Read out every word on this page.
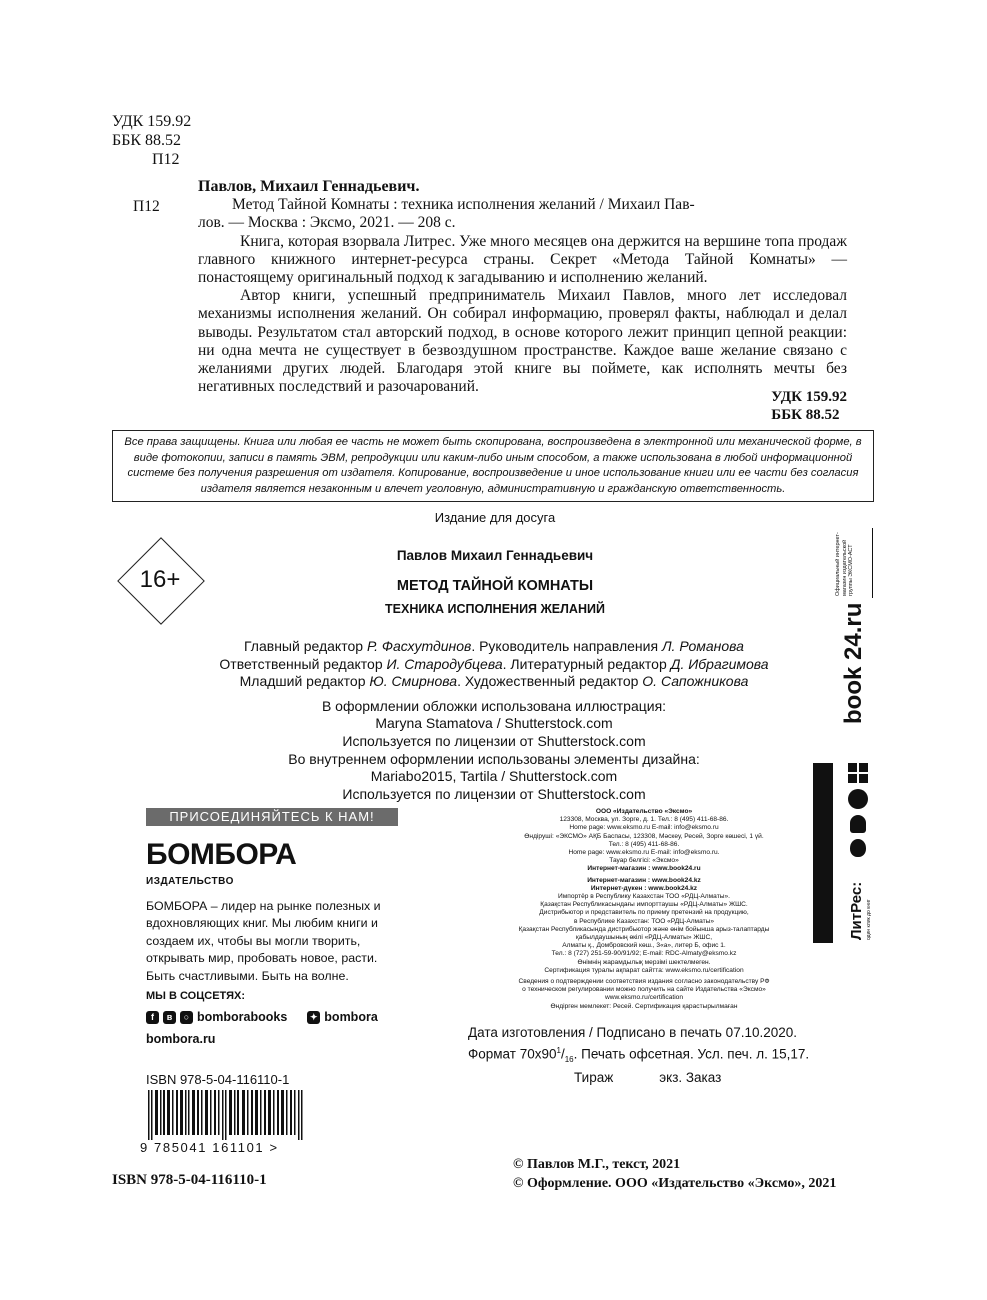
УДК 159.92
ББК 88.52
П12
П12
Павлов, Михаил Геннадьевич.
Метод Тайной Комнаты : техника исполнения желаний / Михаил Пав-
лов. — Москва : Эксмо, 2021. — 208 с.

Книга, которая взорвала Литрес. Уже много месяцев она держится на вершине топа продаж главного книжного интернет-ресурса страны. Секрет «Метода Тайной Комнаты» — понастоящему оригинальный подход к загадыванию и исполнению желаний.

Автор книги, успешный предприниматель Михаил Павлов, много лет исследовал механизмы исполнения желаний. Он собирал информацию, проверял факты, наблюдал и делал выводы. Результатом стал авторский подход, в основе которого лежит принцип цепной реакции: ни одна мечта не существует в безвоздушном пространстве. Каждое ваше желание связано с желаниями других людей. Благодаря этой книге вы поймете, как исполнять мечты без негативных последствий и разочарований.

УДК 159.92
ББК 88.52
Все права защищены. Книга или любая ее часть не может быть скопирована, воспроизведена в электронной или механической форме, в виде фотокопии, записи в память ЭВМ, репродукции или каким-либо иным способом, а также использована в любой информационной системе без получения разрешения от издателя. Копирование, воспроизведение и иное использование книги или ее части без согласия издателя является незаконным и влечет уголовную, административную и гражданскую ответственность.
Издание для досуга
16+
Павлов Михаил Геннадьевич
МЕТОД ТАЙНОЙ КОМНАТЫ
ТЕХНИКА ИСПОЛНЕНИЯ ЖЕЛАНИЙ
Главный редактор Р. Фасхутдинов. Руководитель направления Л. Романова
Ответственный редактор И. Стародубцева. Литературный редактор Д. Ибрагимова
Младший редактор Ю. Смирнова. Художественный редактор О. Сапожникова
В оформлении обложки использована иллюстрация:
Maryna Stamatova / Shutterstock.com
Используется по лицензии от Shutterstock.com
Во внутреннем оформлении использованы элементы дизайна:
Mariabo2015, Tartila / Shutterstock.com
Используется по лицензии от Shutterstock.com
ПРИСОЕДИНЯЙТЕСЬ К НАМ!
БОМБОРА
ИЗДАТЕЛЬСТВО
БОМБОРА – лидер на рынке полезных и вдохновляющих книг. Мы любим книги и создаем их, чтобы вы могли творить, открывать мир, пробовать новое, расти. Быть счастливыми. Быть на волне.
МЫ В СОЦСЕТЯХ:
f	в	○ bomborabooks	✦ bombora
bombora.ru
ISBN 978-5-04-116110-1
9 785041 161101 >
ISBN 978-5-04-116110-1
ООО «Издательство «Эксмо»
123308, Москва, ул. Зорге, д. 1. Тел.: 8 (495) 411-68-86.
Home page: www.eksmo.ru E-mail: info@eksmo.ru
Өндіруші: «ЭКСМО» АҚБ Баспасы, 123308, Мәскеу, Ресей, Зорге көшесі, 1 үй.
Тел.: 8 (495) 411-68-86.
Home page: www.eksmo.ru E-mail: info@eksmo.ru.
Тауар белгісі: «Эксмо»
Интернет-магазин : www.book24.ru
Интернет-магазин : www.book24.kz
Интернет-дүкен : www.book24.kz
Импортёр в Республику Казахстан ТОО «РДЦ-Алматы».
Қазақстан Республикасындағы импорттаушы «РДЦ-Алматы» ЖШС.
Дистрибьютор и представитель по приему претензий на продукцию,
в Республике Казахстан: ТОО «РДЦ-Алматы»
Қазақстан Республикасында дистрибьютор және өнім бойынша арыз-талаптарды
қабылдаушының өкілі «РДЦ-Алматы» ЖШС,
Алматы қ., Домбровский көш., 3«а», литер Б, офис 1.
Тел.: 8 (727) 251-59-90/91/92; E-mail: RDC-Almaty@eksmo.kz
Өнімнің жарамдылық мерзімі шектелмеген.
Сертификация туралы ақпарат сайтта: www.eksmo.ru/certification
Сведения о подтверждении соответствия издания согласно законодательству РФ
о техническом регулировании можно получить на сайте Издательства «Эксмо»
www.eksmo.ru/certification
Өндірген мемлекет: Ресей. Сертификация қарастырылмаған
Дата изготовления / Подписано в печать 07.10.2020.
Формат $70х90^1/_{16}$. Печать офсетная. Усл. печ. л. 15,17.
Тираж	экз. Заказ
© Павлов М.Г., текст, 2021
© Оформление. ООО «Издательство «Эксмо», 2021
Официальный интернет-магазин издательской группы ЭКСМО-АСТ
book 24.ru
В электронном виде книги издательства вы можете купить на www.litres.ru
ЛитРес: один клик до книг
